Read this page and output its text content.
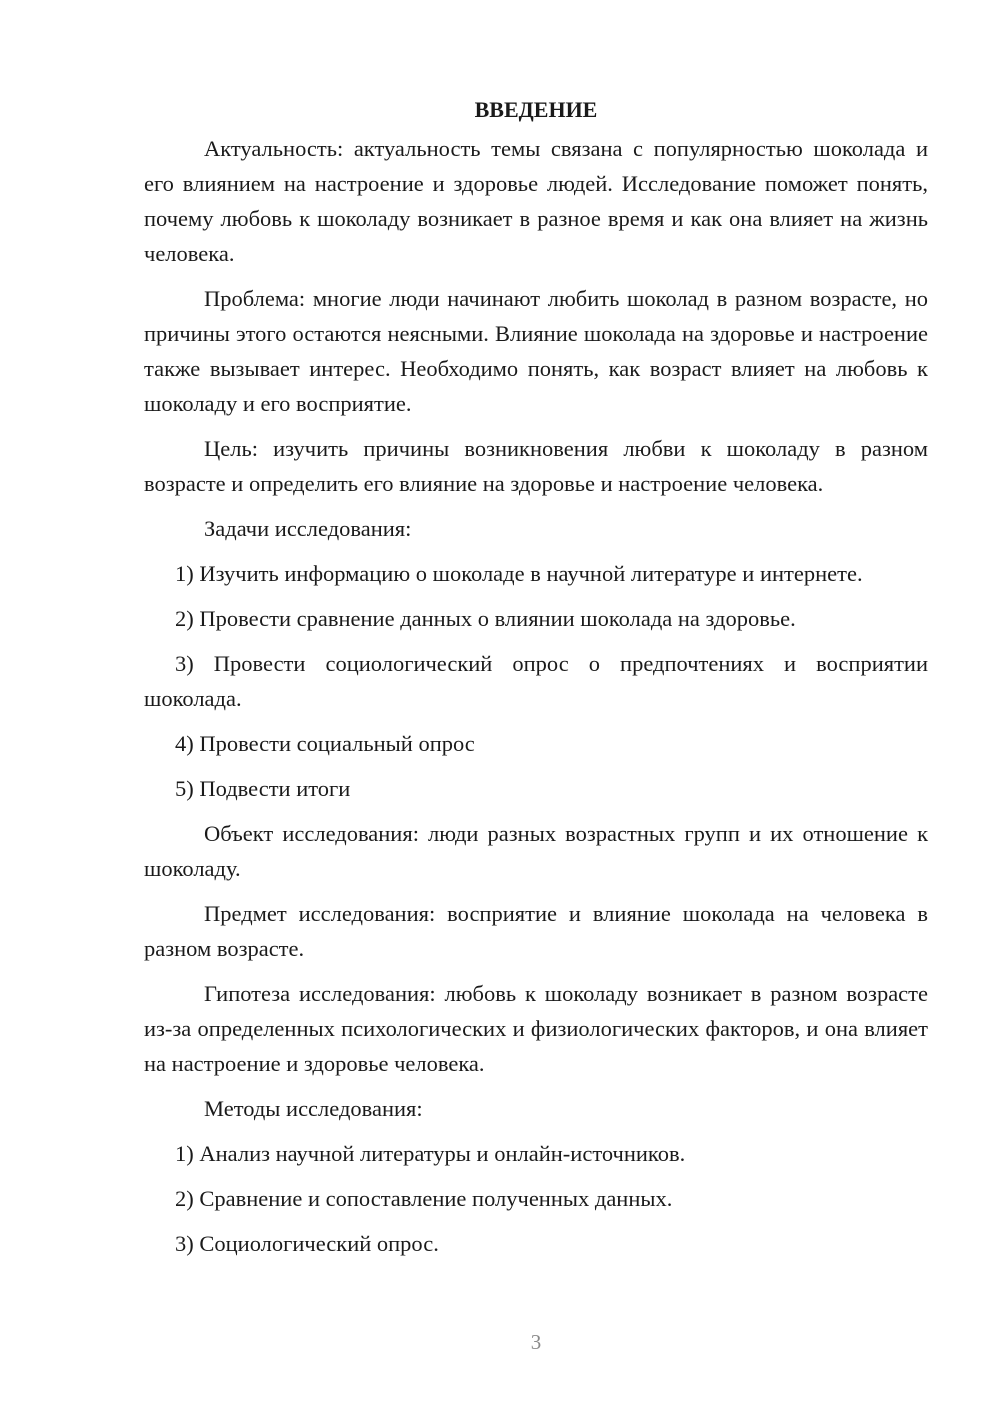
ВВЕДЕНИЕ

Актуальность: актуальность темы связана с популярностью шоколада и его влиянием на настроение и здоровье людей. Исследование поможет понять, почему любовь к шоколаду возникает в разное время и как она влияет на жизнь человека.

Проблема: многие люди начинают любить шоколад в разном возрасте, но причины этого остаются неясными. Влияние шоколада на здоровье и настроение также вызывает интерес. Необходимо понять, как возраст влияет на любовь к шоколаду и его восприятие.

Цель: изучить причины возникновения любви к шоколаду в разном возрасте и определить его влияние на здоровье и настроение человека.

Задачи исследования:

1) Изучить информацию о шоколаде в научной литературе и интернете.

2) Провести сравнение данных о влиянии шоколада на здоровье.

3) Провести социологический опрос о предпочтениях и восприятии шоколада.

4) Провести социальный опрос

5) Подвести итоги

Объект исследования: люди разных возрастных групп и их отношение к шоколаду.

Предмет исследования: восприятие и влияние шоколада на человека в разном возрасте.

Гипотеза исследования: любовь к шоколаду возникает в разном возрасте из-за определенных психологических и физиологических факторов, и она влияет на настроение и здоровье человека.

Методы исследования:

1) Анализ научной литературы и онлайн-источников.

2) Сравнение и сопоставление полученных данных.

3) Социологический опрос.

3
